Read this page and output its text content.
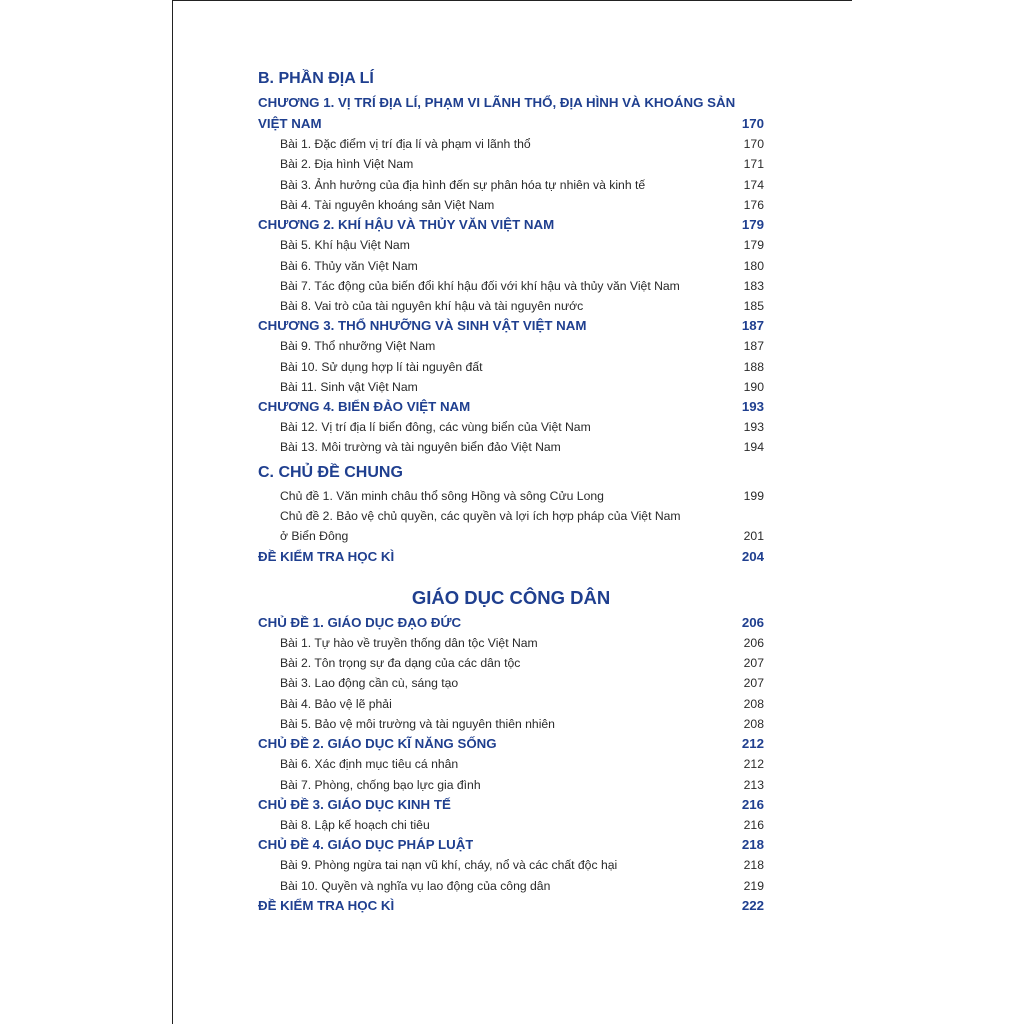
B. PHẦN ĐỊA LÍ
CHƯƠNG 1. VỊ TRÍ ĐỊA LÍ, PHẠM VI LÃNH THỔ, ĐỊA HÌNH VÀ KHOÁNG SẢN
VIỆT NAM	170
Bài 1. Đặc điểm vị trí địa lí và phạm vi lãnh thổ	170
Bài 2. Địa hình Việt Nam	171
Bài 3. Ảnh hưởng của địa hình đến sự phân hóa tự nhiên và kinh tế	174
Bài 4. Tài nguyên khoáng sản Việt Nam	176
CHƯƠNG 2. KHÍ HẬU VÀ THỦY VĂN VIỆT NAM	179
Bài 5. Khí hậu Việt Nam	179
Bài 6. Thủy văn Việt Nam	180
Bài 7. Tác động của biến đổi khí hậu đối với khí hậu và thủy văn Việt Nam	183
Bài 8. Vai trò của tài nguyên khí hậu và tài nguyên nước	185
CHƯƠNG 3. THỔ NHƯỠNG VÀ SINH VẬT VIỆT NAM	187
Bài 9. Thổ nhưỡng Việt Nam	187
Bài 10. Sử dụng hợp lí tài nguyên đất	188
Bài 11. Sinh vật Việt Nam	190
CHƯƠNG 4. BIỂN ĐẢO VIỆT NAM	193
Bài 12. Vị trí địa lí biển đông, các vùng biển của Việt Nam	193
Bài 13. Môi trường và tài nguyên biển đảo Việt Nam	194
C. CHỦ ĐỀ CHUNG
Chủ đề 1. Văn minh châu thổ sông Hồng và sông Cửu Long	199
Chủ đề 2. Bảo vệ chủ quyền, các quyền và lợi ích hợp pháp của Việt Nam
ở Biển Đông	201
ĐỀ KIỂM TRA HỌC KÌ	204
GIÁO DỤC CÔNG DÂN
CHỦ ĐỀ 1. GIÁO DỤC ĐẠO ĐỨC	206
Bài 1. Tự hào về truyền thống dân tộc Việt Nam	206
Bài 2. Tôn trọng sự đa dạng của các dân tộc	207
Bài 3. Lao động cần cù, sáng tạo	207
Bài 4. Bảo vệ lẽ phải	208
Bài 5. Bảo vệ môi trường và tài nguyên thiên nhiên	208
CHỦ ĐỀ 2. GIÁO DỤC KĨ NĂNG SỐNG	212
Bài 6. Xác định mục tiêu cá nhân	212
Bài 7. Phòng, chống bạo lực gia đình	213
CHỦ ĐỀ 3. GIÁO DỤC KINH TẾ	216
Bài 8. Lập kế hoạch chi tiêu	216
CHỦ ĐỀ 4. GIÁO DỤC PHÁP LUẬT	218
Bài 9. Phòng ngừa tai nạn vũ khí, cháy, nổ và các chất độc hại	218
Bài 10. Quyền và nghĩa vụ lao động của công dân	219
ĐỀ KIỂM TRA HỌC KÌ	222
